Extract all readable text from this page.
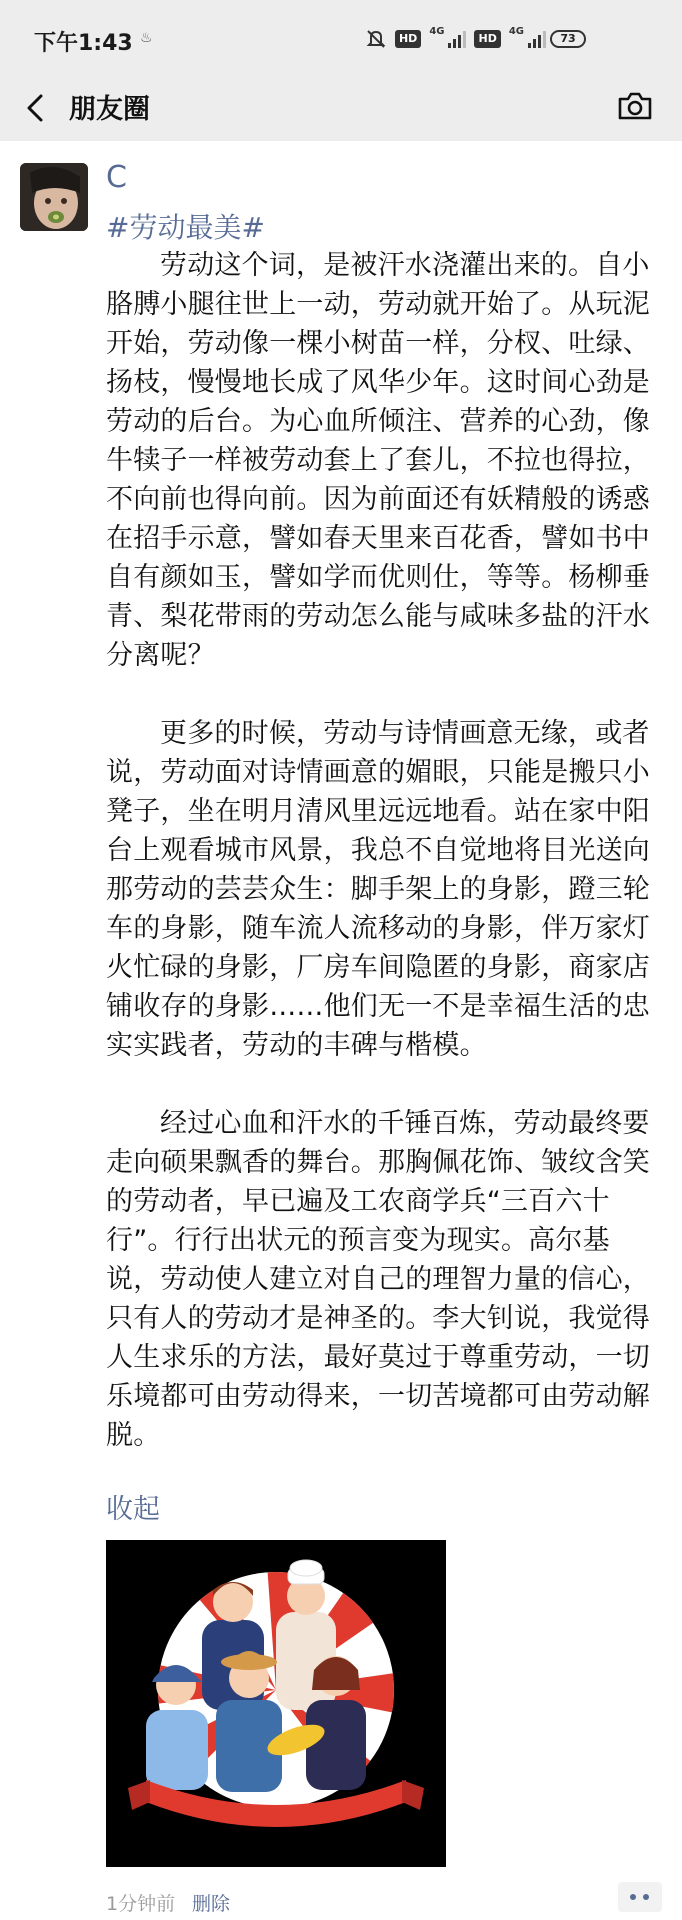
下午1:43 ♨	HD
4G
HD
4G
73
朋友圈
C
#劳动最美#

劳动这个词，是被汗水浇灌出来的。自小胳膊小腿往世上一动，劳动就开始了。从玩泥开始，劳动像一棵小树苗一样，分杈、吐绿、扬枝，慢慢地长成了风华少年。这时间心劲是劳动的后台。为心血所倾注、营养的心劲，像牛犊子一样被劳动套上了套儿，不拉也得拉，不向前也得向前。因为前面还有妖精般的诱惑在招手示意，譬如春天里来百花香，譬如书中自有颜如玉，譬如学而优则仕，等等。杨柳垂青、梨花带雨的劳动怎么能与咸味多盐的汗水分离呢？

更多的时候，劳动与诗情画意无缘，或者说，劳动面对诗情画意的媚眼，只能是搬只小凳子，坐在明月清风里远远地看。站在家中阳台上观看城市风景，我总不自觉地将目光送向那劳动的芸芸众生：脚手架上的身影，蹬三轮车的身影，随车流人流移动的身影，伴万家灯火忙碌的身影，厂房车间隐匿的身影，商家店铺收存的身影……他们无一不是幸福生活的忠实实践者，劳动的丰碑与楷模。

经过心血和汗水的千锤百炼，劳动最终要走向硕果飘香的舞台。那胸佩花饰、皱纹含笑的劳动者，早已遍及工农商学兵“三百六十行”。行行出状元的预言变为现实。高尔基说，劳动使人建立对自己的理智力量的信心，只有人的劳动才是神圣的。李大钊说，我觉得人生求乐的方法，最好莫过于尊重劳动，一切乐境都可由劳动得来，一切苦境都可由劳动解脱。

收起
1分钟前 删除
